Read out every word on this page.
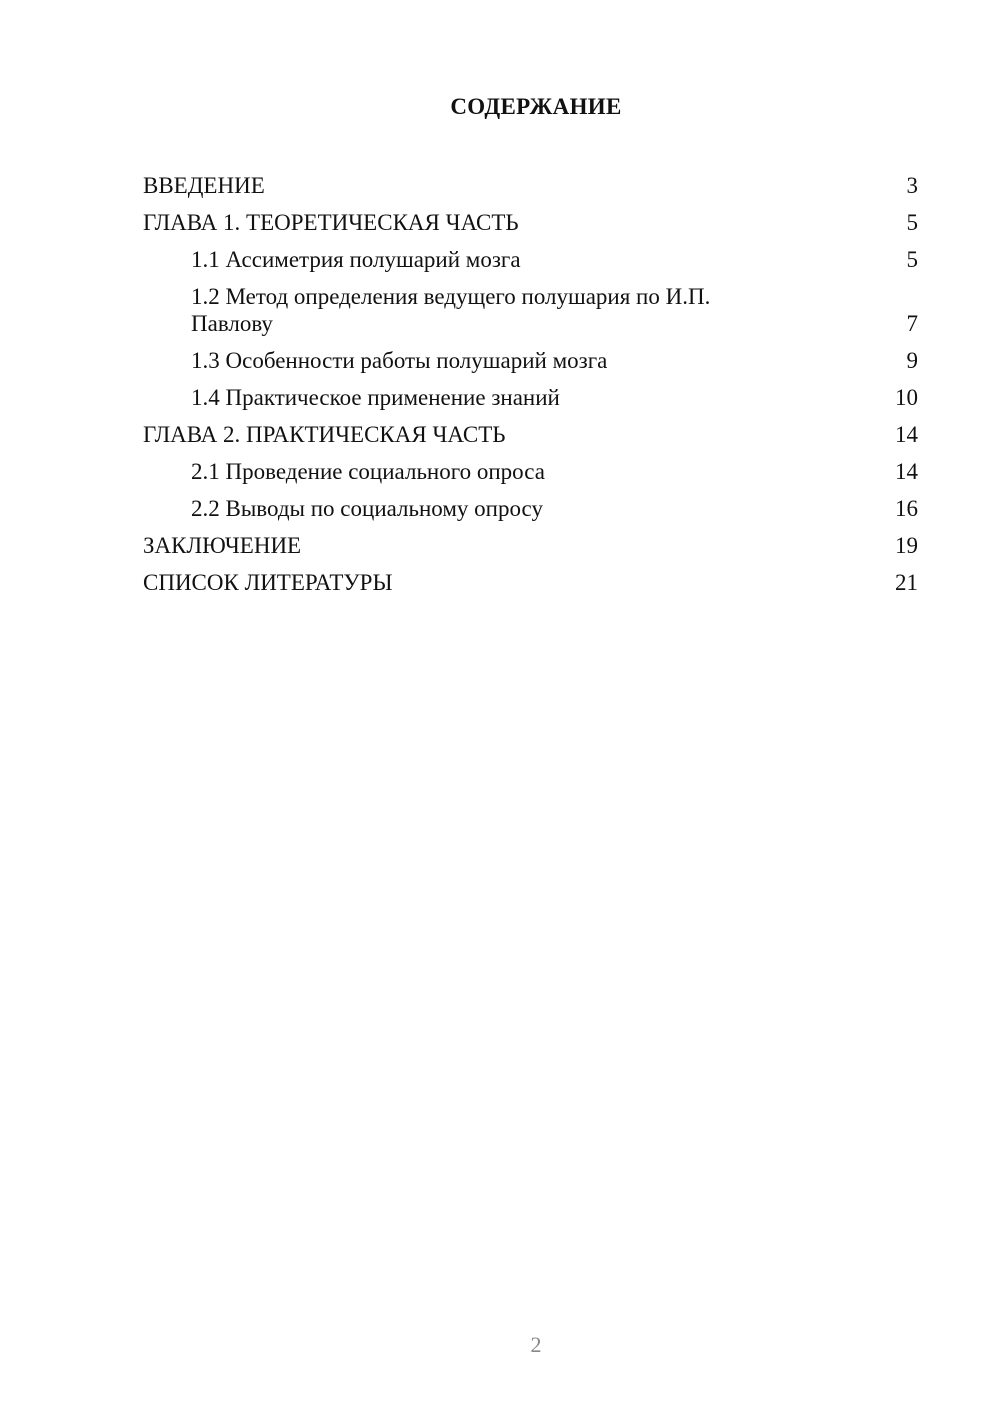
СОДЕРЖАНИЕ
ВВЕДЕНИЕ	3
ГЛАВА 1. ТЕОРЕТИЧЕСКАЯ ЧАСТЬ	5
1.1 Ассиметрия полушарий мозга	5
1.2 Метод определения ведущего полушария по И.П. Павлову	7
1.3 Особенности работы полушарий мозга	9
1.4 Практическое применение знаний	10
ГЛАВА 2. ПРАКТИЧЕСКАЯ ЧАСТЬ	14
2.1 Проведение социального опроса	14
2.2 Выводы по социальному опросу	16
ЗАКЛЮЧЕНИЕ	19
СПИСОК ЛИТЕРАТУРЫ	21
2
